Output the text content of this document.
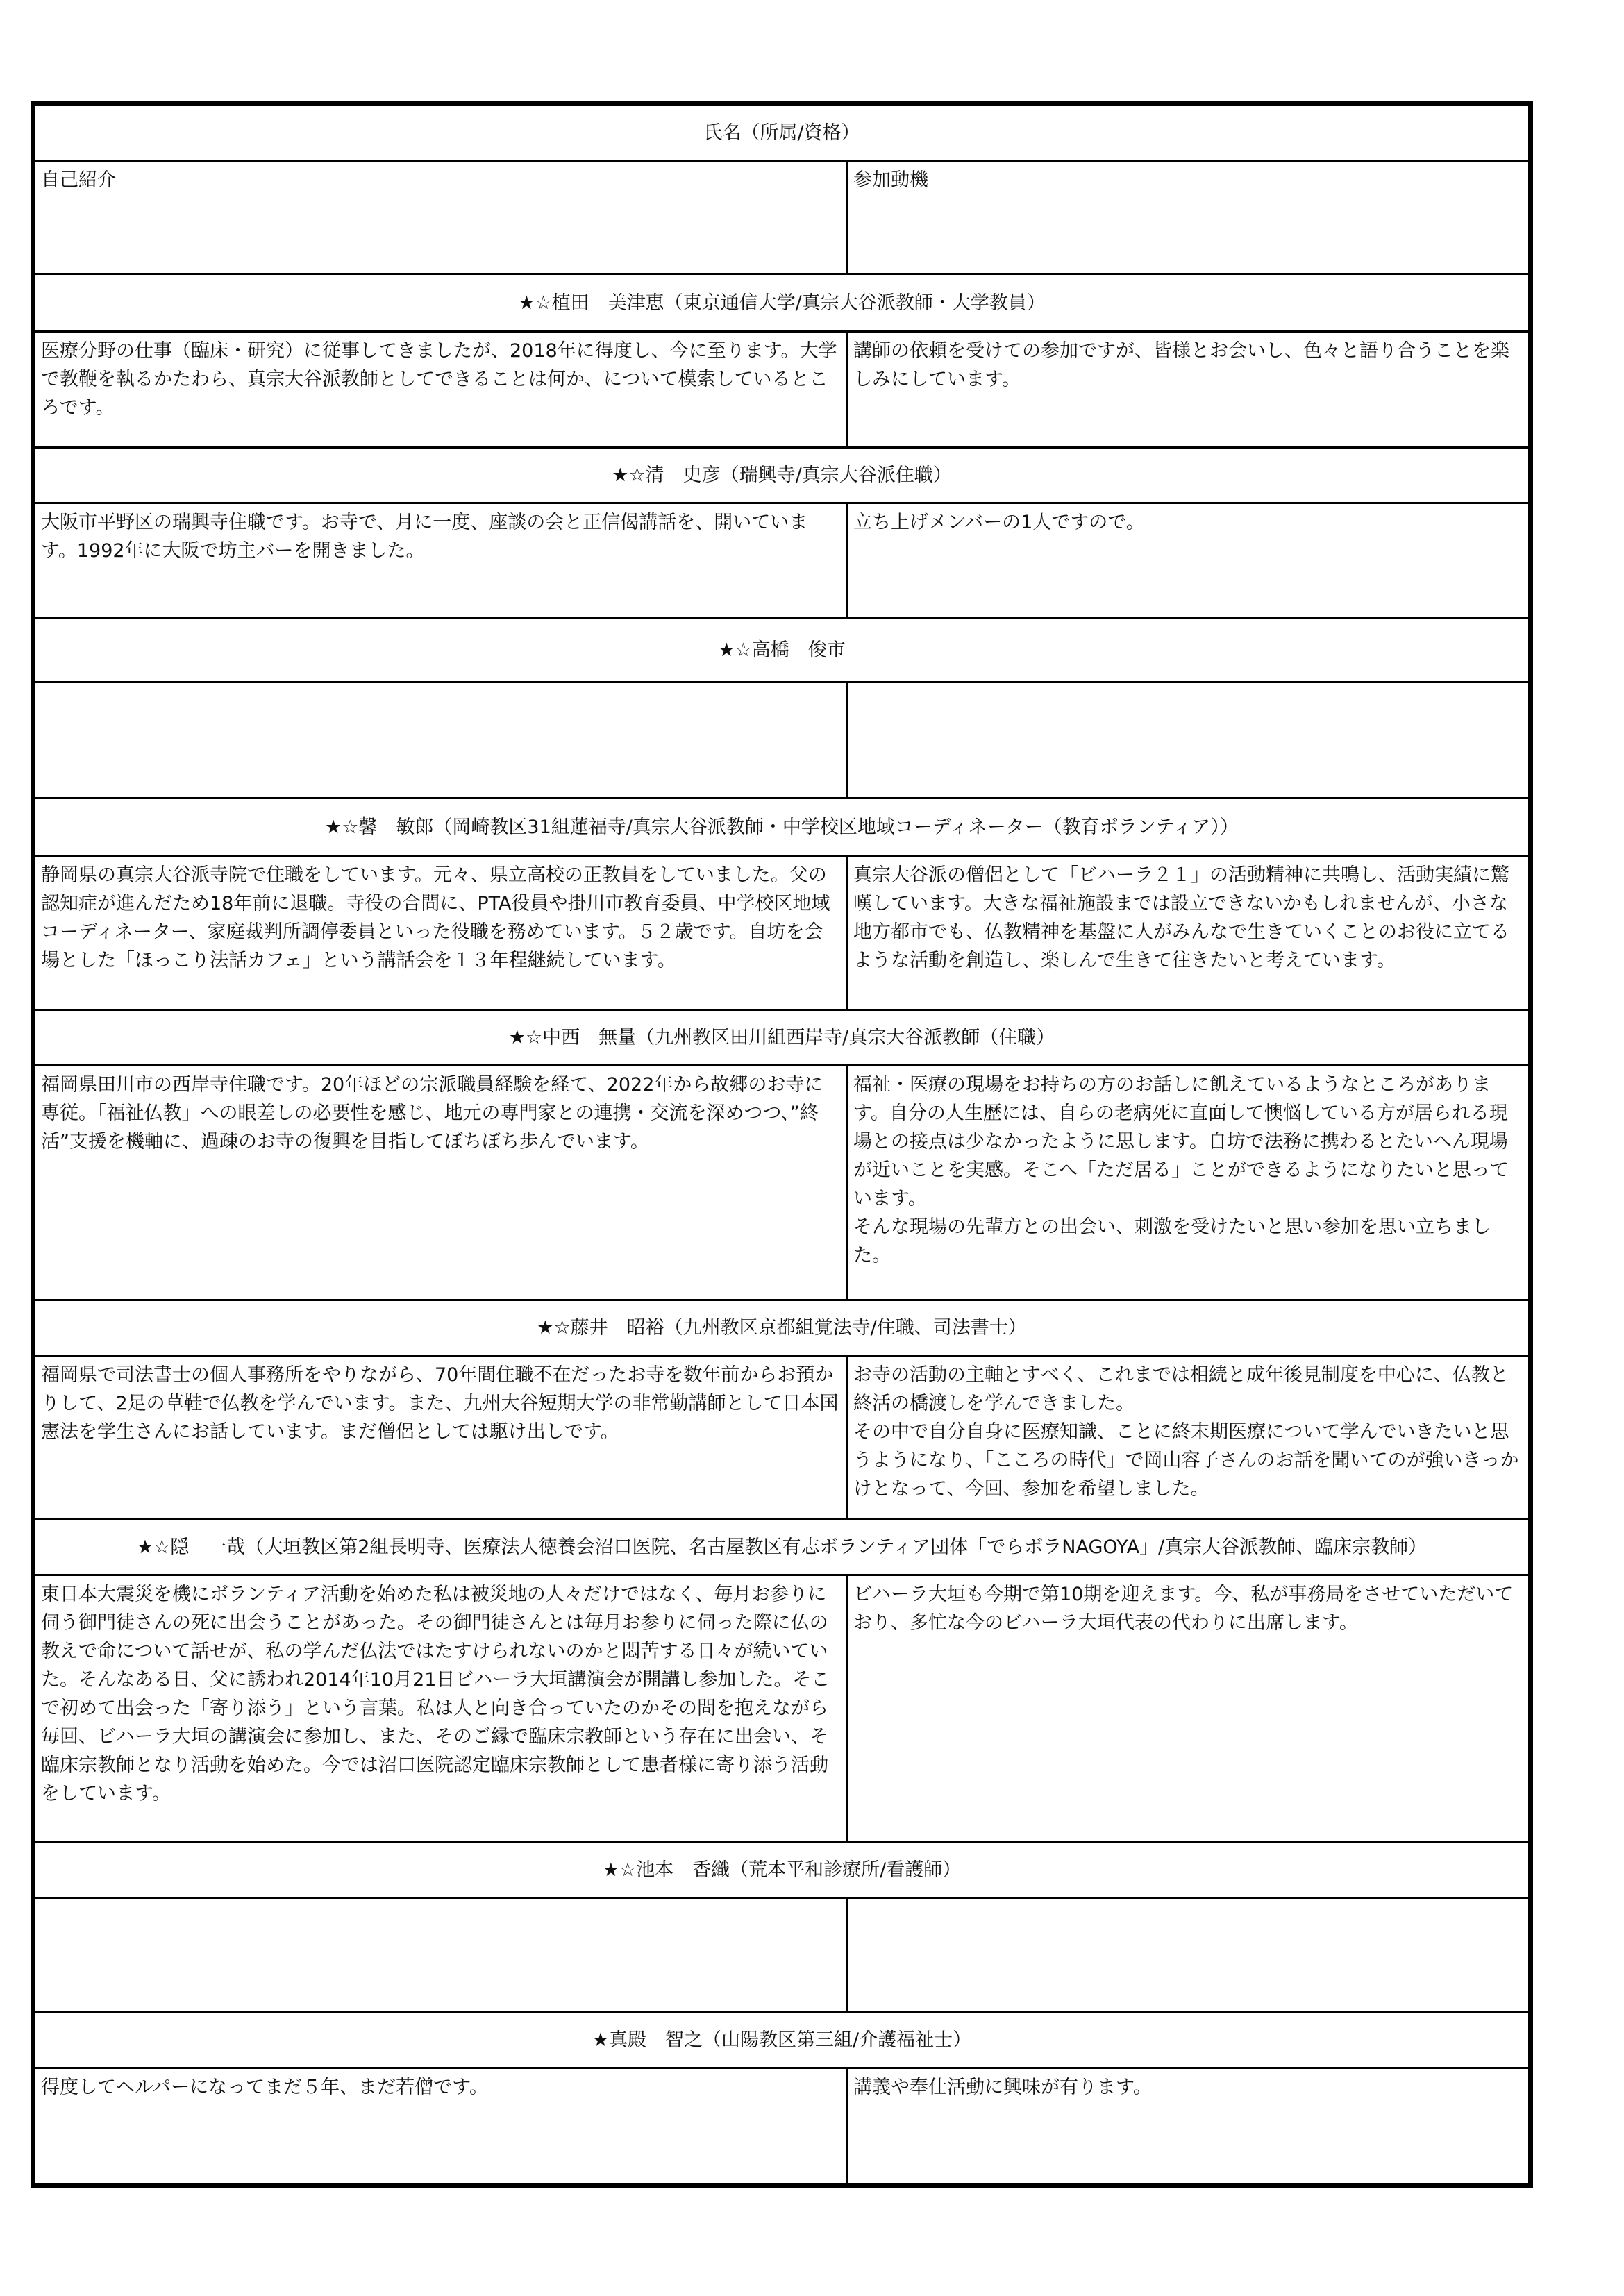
氏名（所属/資格）	
自己紹介	参加動機
★☆植田　美津恵（東京通信大学/真宗大谷派教師・大学教員）	
医療分野の仕事（臨床・研究）に従事してきましたが、2018年に得度し、今に至ります。大学で教鞭を執るかたわら、真宗大谷派教師としてできることは何か、について模索しているところです。	講師の依頼を受けての参加ですが、皆様とお会いし、色々と語り合うことを楽しみにしています。
★☆清　史彦（瑞興寺/真宗大谷派住職）	
大阪市平野区の瑞興寺住職です。お寺で、月に一度、座談の会と正信偈講話を、開いています。1992年に大阪で坊主バーを開きました。	立ち上げメンバーの1人ですので。
★☆高橋　俊市	

★☆馨　敏郎（岡崎教区31組蓮福寺/真宗大谷派教師・中学校区地域コーディネーター（教育ボランティア））	
静岡県の真宗大谷派寺院で住職をしています。元々、県立高校の正教員をしていました。父の認知症が進んだため18年前に退職。寺役の合間に、PTA役員や掛川市教育委員、中学校区地域コーディネーター、家庭裁判所調停委員といった役職を務めています。５２歳です。自坊を会場とした「ほっこり法話カフェ」という講話会を１３年程継続しています。	真宗大谷派の僧侶として「ビハーラ２１」の活動精神に共鳴し、活動実績に驚嘆しています。大きな福祉施設までは設立できないかもしれませんが、小さな地方都市でも、仏教精神を基盤に人がみんなで生きていくことのお役に立てるような活動を創造し、楽しんで生きて往きたいと考えています。
★☆中西　無量（九州教区田川組西岸寺/真宗大谷派教師（住職）	
福岡県田川市の西岸寺住職です。20年ほどの宗派職員経験を経て、2022年から故郷のお寺に専従。「福祉仏教」への眼差しの必要性を感じ、地元の専門家との連携・交流を深めつつ、”終活”支援を機軸に、過疎のお寺の復興を目指してぼちぼち歩んでいます。	福祉・医療の現場をお持ちの方のお話しに飢えているようなところがあります。自分の人生歴には、自らの老病死に直面して懊悩している方が居られる現場との接点は少なかったように思します。自坊で法務に携わるとたいへん現場が近いことを実感。そこへ「ただ居る」ことができるようになりたいと思っています。
そんな現場の先輩方との出会い、刺激を受けたいと思い参加を思い立ちました。
★☆藤井　昭裕（九州教区京都組覚法寺/住職、司法書士）	
福岡県で司法書士の個人事務所をやりながら、70年間住職不在だったお寺を数年前からお預かりして、2足の草鞋で仏教を学んでいます。また、九州大谷短期大学の非常勤講師として日本国憲法を学生さんにお話しています。まだ僧侶としては駆け出しです。	お寺の活動の主軸とすべく、これまでは相続と成年後見制度を中心に、仏教と終活の橋渡しを学んできました。
その中で自分自身に医療知識、ことに終末期医療について学んでいきたいと思うようになり、「こころの時代」で岡山容子さんのお話を聞いてのが強いきっかけとなって、今回、参加を希望しました。
★☆隠　一哉（大垣教区第2組長明寺、医療法人徳養会沼口医院、名古屋教区有志ボランティア団体「でらボラNAGOYA」/真宗大谷派教師、臨床宗教師）	
東日本大震災を機にボランティア活動を始めた私は被災地の人々だけではなく、毎月お参りに伺う御門徒さんの死に出会うことがあった。その御門徒さんとは毎月お参りに伺った際に仏の教えで命について話せが、私の学んだ仏法ではたすけられないのかと悶苦する日々が続いていた。そんなある日、父に誘われ2014年10月21日ビハーラ大垣講演会が開講し参加した。そこで初めて出会った「寄り添う」という言葉。私は人と向き合っていたのかその問を抱えながら毎回、ビハーラ大垣の講演会に参加し、また、そのご縁で臨床宗教師という存在に出会い、そ臨床宗教師となり活動を始めた。今では沼口医院認定臨床宗教師として患者様に寄り添う活動をしています。	ビハーラ大垣も今期で第10期を迎えます。今、私が事務局をさせていただいており、多忙な今のビハーラ大垣代表の代わりに出席します。
★☆池本　香織（荒本平和診療所/看護師）	

★真殿　智之（山陽教区第三組/介護福祉士）	
得度してヘルパーになってまだ５年、まだ若僧です。	講義や奉仕活動に興味が有ります。
